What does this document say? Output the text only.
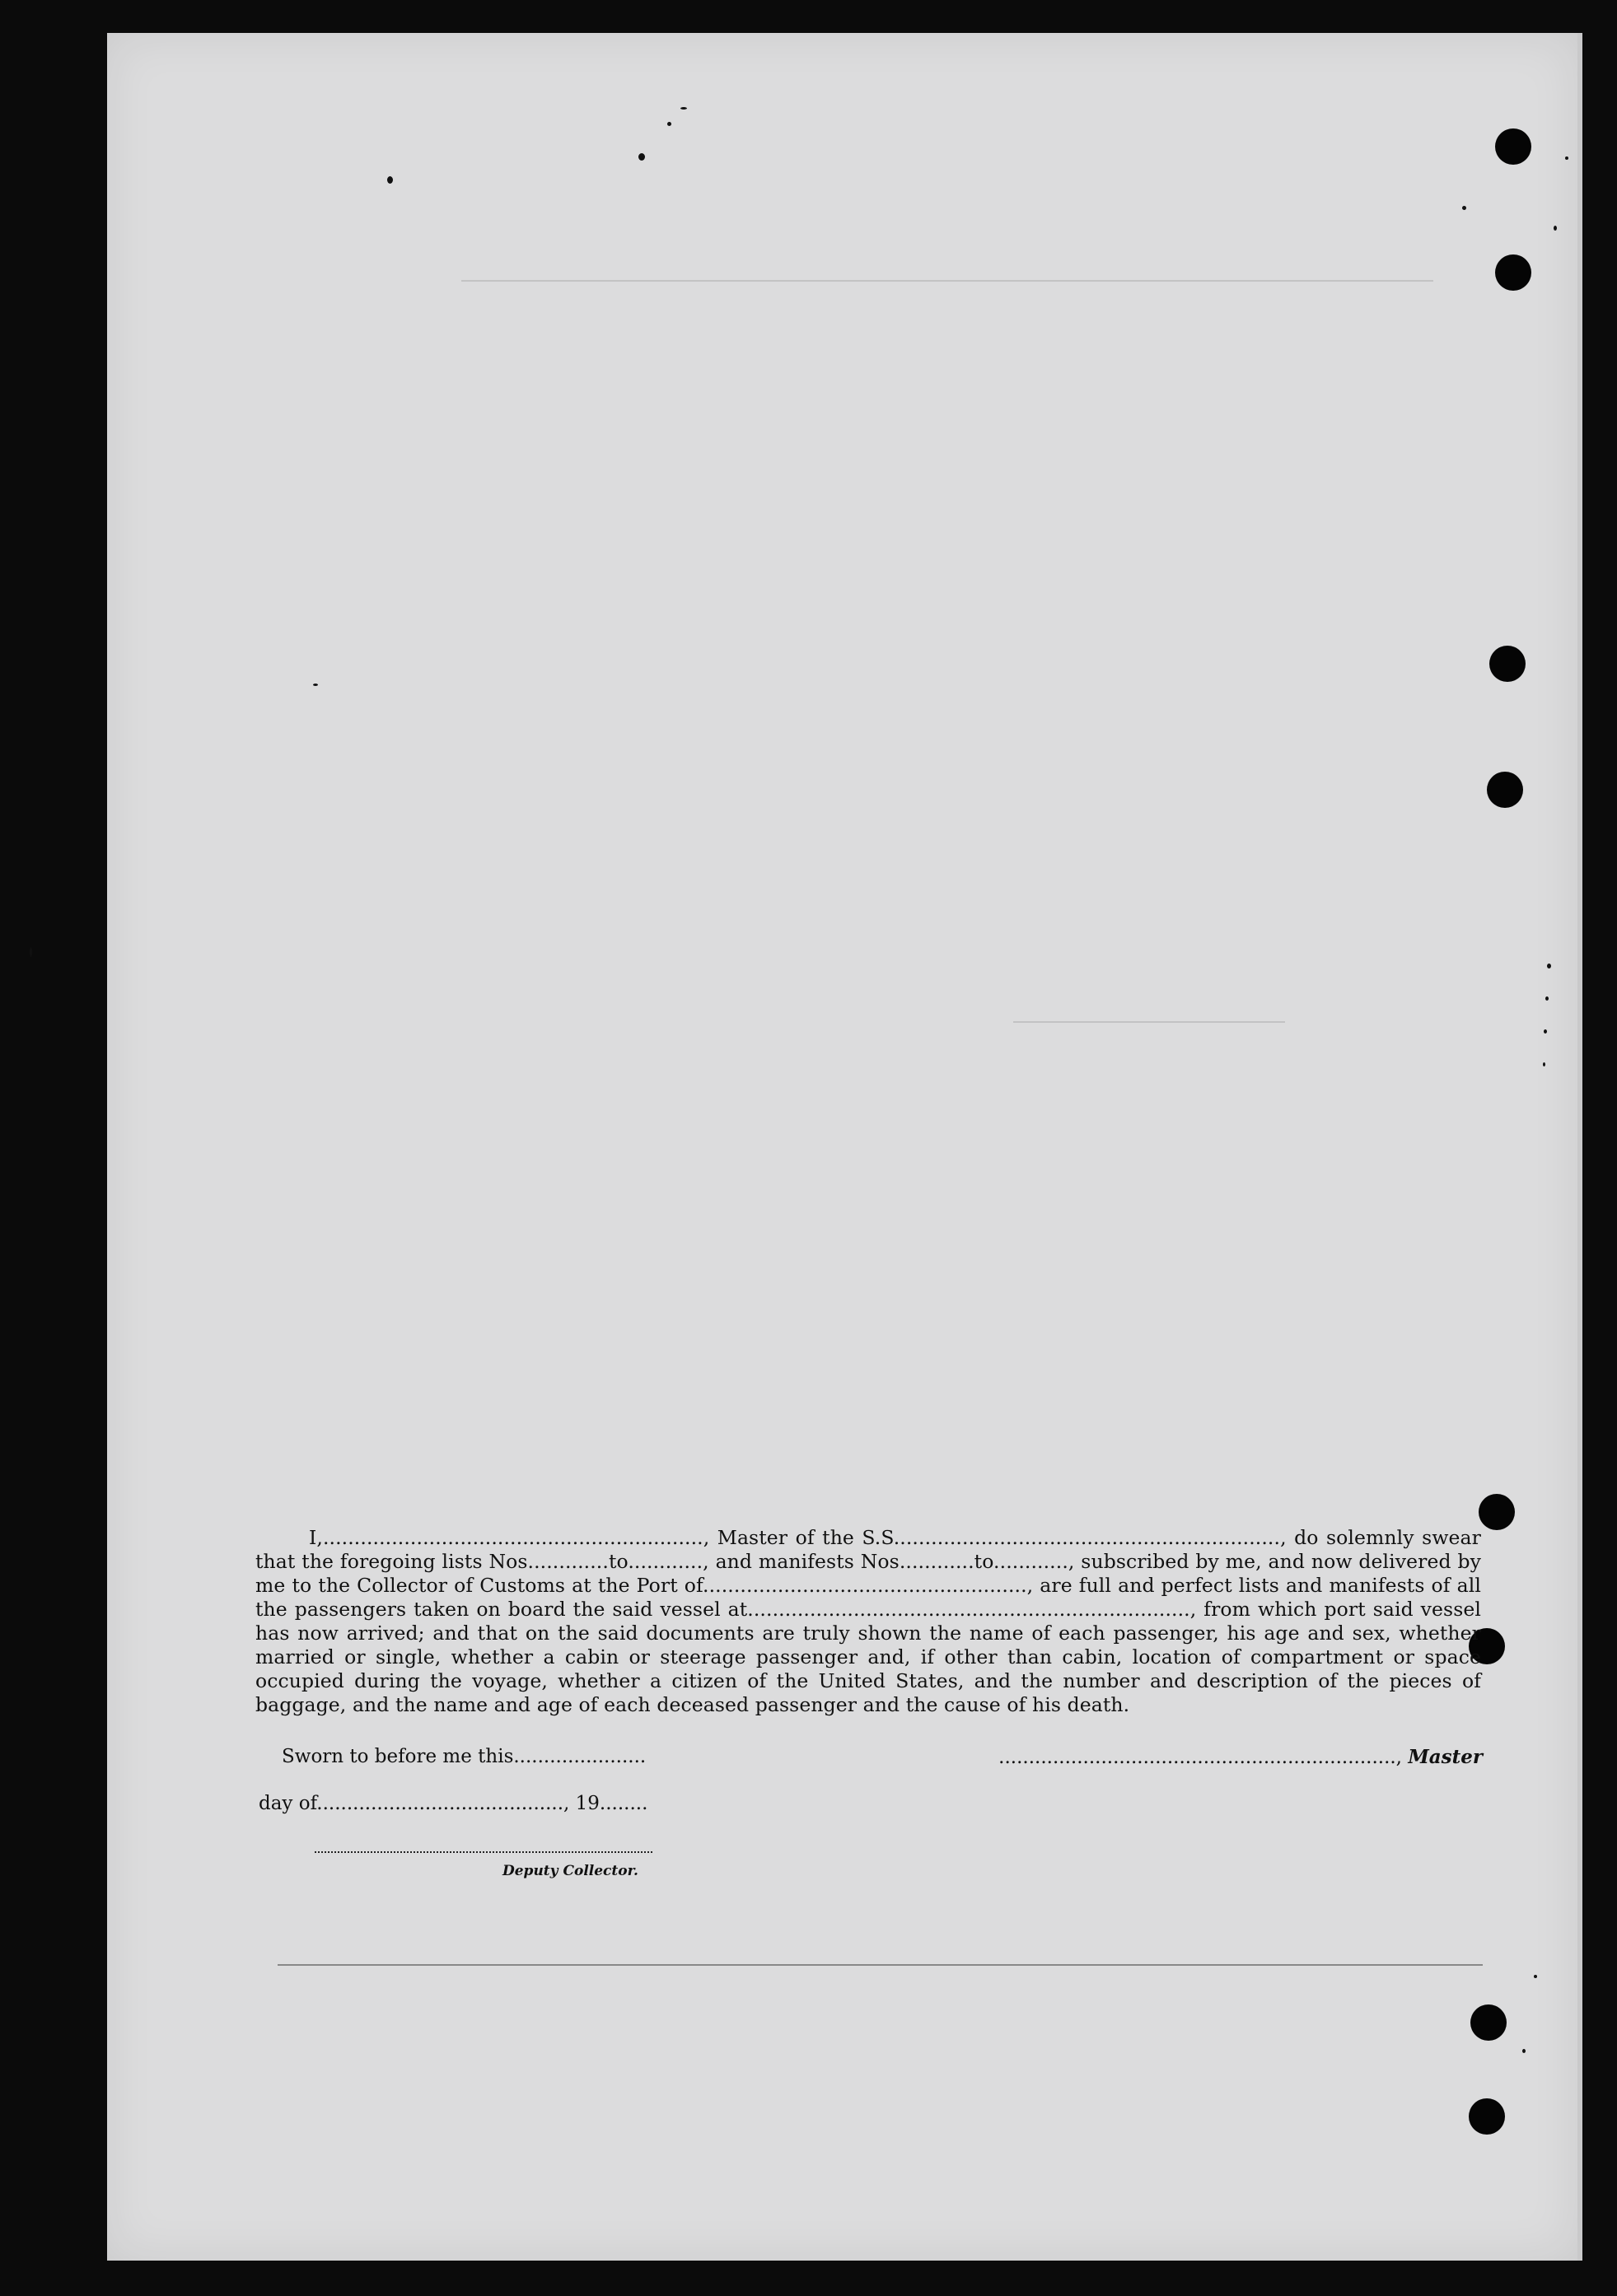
I,............................................................., Master of the S.S.............................................................., do solemnly swear that the foregoing lists Nos.............to............, and manifests Nos............to............, subscribed by me, and now delivered by me to the Collector of Customs at the Port of...................................................., are full and perfect lists and manifests of all the passengers taken on board the said vessel at......................................................................., from which port said vessel has now arrived; and that on the said documents are truly shown the name of each passenger, his age and sex, whether married or single, whether a cabin or steerage passenger and, if other than cabin, location of compartment or space occupied during the voyage, whether a citizen of the United States, and the number and description of the pieces of baggage, and the name and age of each deceased passenger and the cause of his death.

Sworn to before me this......................	.................................................................., Master
day of........................................., 19........
Deputy Collector.
